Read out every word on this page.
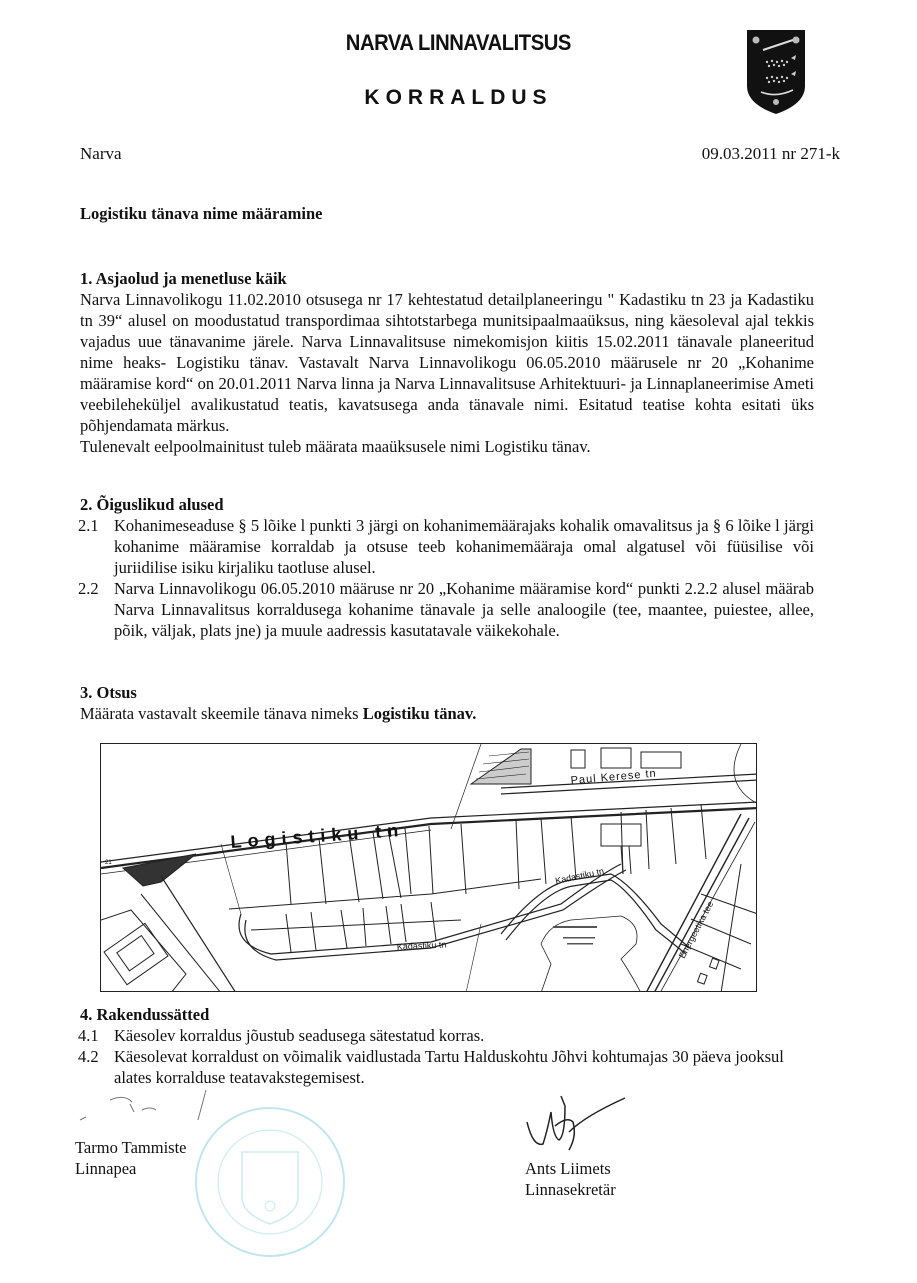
NARVA LINNAVALITSUS
KORRALDUS
Narva	09.03.2011 nr 271-k
Logistiku tänava nime määramine
1. Asjaolud ja menetluse käik
Narva Linnavolikogu 11.02.2010 otsusega nr 17 kehtestatud detailplaneeringu " Kadastiku tn 23 ja Kadastiku tn 39“ alusel on moodustatud transpordimaa sihtotstarbega munitsipaalmaaüksus, ning käesoleval ajal tekkis vajadus uue tänavanime järele. Narva Linnavalitsuse nimekomisjon kiitis 15.02.2011 tänavale planeeritud nime heaks- Logistiku tänav. Vastavalt Narva Linnavolikogu 06.05.2010 määrusele nr 20 „Kohanime määramise kord“ on 20.01.2011 Narva linna ja Narva Linnavalitsuse Arhitektuuri- ja Linnaplaneerimise Ameti veebileheküljel avalikustatud teatis, kavatsusega anda tänavale nimi. Esitatud teatise kohta esitati üks põhjendamata märkus.
Tulenevalt eelpoolmainitust tuleb määrata maaüksusele nimi Logistiku tänav.
2. Õiguslikud alused
2.1 Kohanimeseaduse § 5 lõike l punkti 3 järgi on kohanimemäärajaks kohalik omavalitsus ja § 6 lõike l järgi kohanime määramise korraldab ja otsuse teeb kohanimemääraja omal algatusel või füüsilise või juriidilise isiku kirjaliku taotluse alusel.
2.2 Narva Linnavolikogu 06.05.2010 määruse nr 20 „Kohanime määramise kord“ punkti 2.2.2 alusel määrab Narva Linnavalitsus korraldusega kohanime tänavale ja selle analoogile (tee, maantee, puiestee, allee, põik, väljak, plats jne) ja muule aadressis kasutatavale väikekohale.
3. Otsus
Määrata vastavalt skeemile tänava nimeks Logistiku tänav.
Logistiku tn
Paul Kerese tn
Kadastiku tn
Kadastiku tn	Energeetika tee
21
4. Rakendussätted
4.1 Käesolev korraldus jõustub seadusega sätestatud korras.
4.2 Käesolevat korraldust on võimalik vaidlustada Tartu Halduskohtu Jõhvi kohtumajas 30 päeva jooksul alates korralduse teatavakstegemisest.
Tarmo Tammiste
Linnapea	Ants Liimets
Linnasekretär
